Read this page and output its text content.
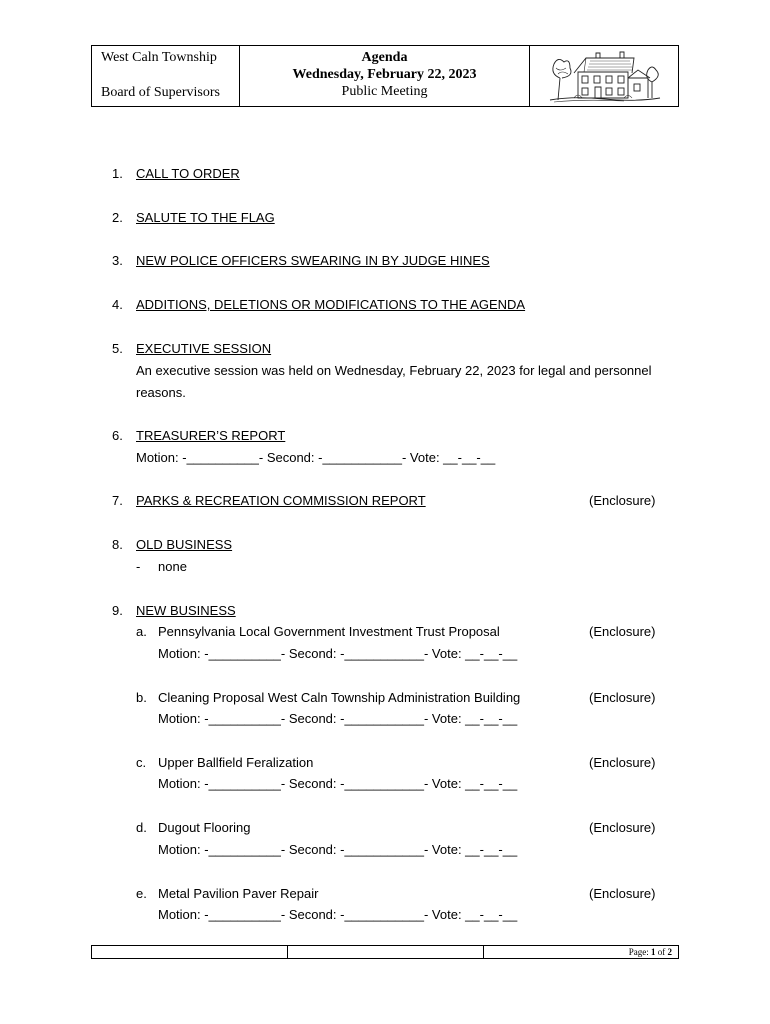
West Caln Township
Board of Supervisors
Agenda
Wednesday, February 22, 2023
Public Meeting
1.	CALL TO ORDER
2.	SALUTE TO THE FLAG
3.	NEW POLICE OFFICERS SWEARING IN BY JUDGE HINES
4.	ADDITIONS, DELETIONS OR MODIFICATIONS TO THE AGENDA
5.	EXECUTIVE SESSION
An executive session was held on Wednesday, February 22, 2023 for legal and personnel
reasons.
6.	TREASURER’S REPORT
Motion: -__________- Second: -___________- Vote: __-__-__
7.	PARKS & RECREATION COMMISSION REPORT	(Enclosure)
8.	OLD BUSINESS
- none
9.	NEW BUSINESS
a. Pennsylvania Local Government Investment Trust Proposal	(Enclosure)
Motion: -__________- Second: -___________- Vote: __-__-__
b. Cleaning Proposal West Caln Township Administration Building	(Enclosure)
Motion: -__________- Second: -___________- Vote: __-__-__
c. Upper Ballfield Feralization	(Enclosure)
Motion: -__________- Second: -___________- Vote: __-__-__
d. Dugout Flooring	(Enclosure)
Motion: -__________- Second: -___________- Vote: __-__-__
e. Metal Pavilion Paver Repair	(Enclosure)
Motion: -__________- Second: -___________- Vote: __-__-__
Page: 1 of 2
